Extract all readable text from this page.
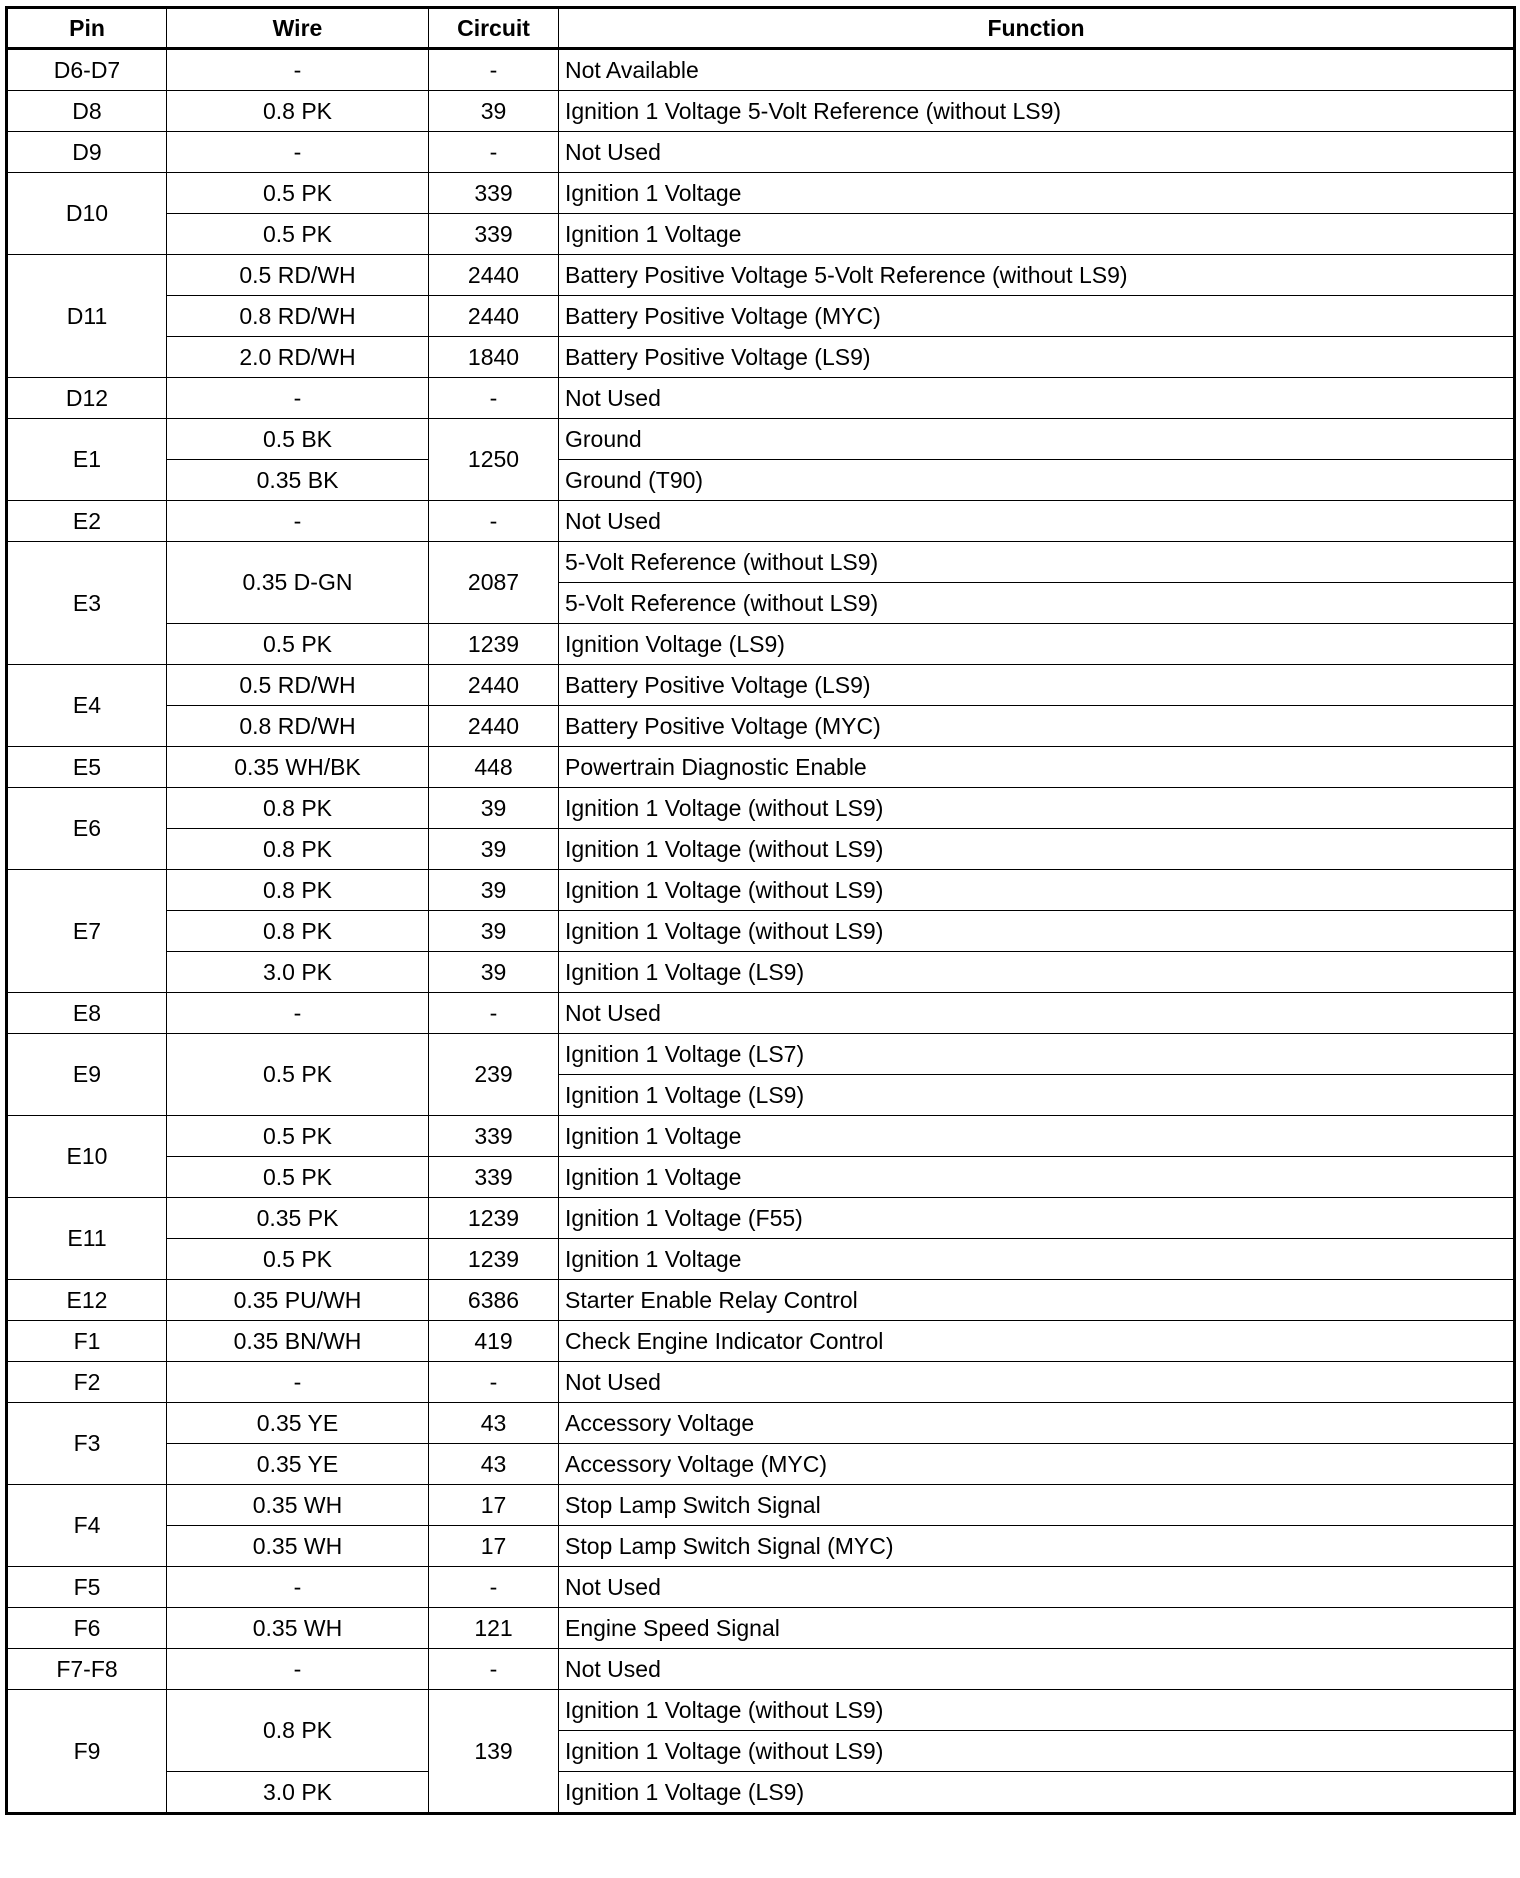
Pin	Wire	Circuit	Function
D6-D7	-	-	Not Available
D8	0.8 PK	39	Ignition 1 Voltage 5-Volt Reference (without LS9)
D9	-	-	Not Used
D10	0.5 PK	339	Ignition 1 Voltage
	0.5 PK	339	Ignition 1 Voltage
D11	0.5 RD/WH	2440	Battery Positive Voltage 5-Volt Reference (without LS9)
	0.8 RD/WH	2440	Battery Positive Voltage (MYC)
	2.0 RD/WH	1840	Battery Positive Voltage (LS9)
D12	-	-	Not Used
E1	0.5 BK	1250	Ground
	0.35 BK		Ground (T90)
E2	-	-	Not Used
E3	0.35 D-GN	2087	5-Volt Reference (without LS9)
			5-Volt Reference (without LS9)
	0.5 PK	1239	Ignition Voltage (LS9)
E4	0.5 RD/WH	2440	Battery Positive Voltage (LS9)
	0.8 RD/WH	2440	Battery Positive Voltage (MYC)
E5	0.35 WH/BK	448	Powertrain Diagnostic Enable
E6	0.8 PK	39	Ignition 1 Voltage (without LS9)
	0.8 PK	39	Ignition 1 Voltage (without LS9)
E7	0.8 PK	39	Ignition 1 Voltage (without LS9)
	0.8 PK	39	Ignition 1 Voltage (without LS9)
	3.0 PK	39	Ignition 1 Voltage (LS9)
E8	-	-	Not Used
E9	0.5 PK	239	Ignition 1 Voltage (LS7)
			Ignition 1 Voltage (LS9)
E10	0.5 PK	339	Ignition 1 Voltage
	0.5 PK	339	Ignition 1 Voltage
E11	0.35 PK	1239	Ignition 1 Voltage (F55)
	0.5 PK	1239	Ignition 1 Voltage
E12	0.35 PU/WH	6386	Starter Enable Relay Control
F1	0.35 BN/WH	419	Check Engine Indicator Control
F2	-	-	Not Used
F3	0.35 YE	43	Accessory Voltage
	0.35 YE	43	Accessory Voltage (MYC)
F4	0.35 WH	17	Stop Lamp Switch Signal
	0.35 WH	17	Stop Lamp Switch Signal (MYC)
F5	-	-	Not Used
F6	0.35 WH	121	Engine Speed Signal
F7-F8	-	-	Not Used
F9	0.8 PK	139	Ignition 1 Voltage (without LS9)
			Ignition 1 Voltage (without LS9)
	3.0 PK		Ignition 1 Voltage (LS9)
